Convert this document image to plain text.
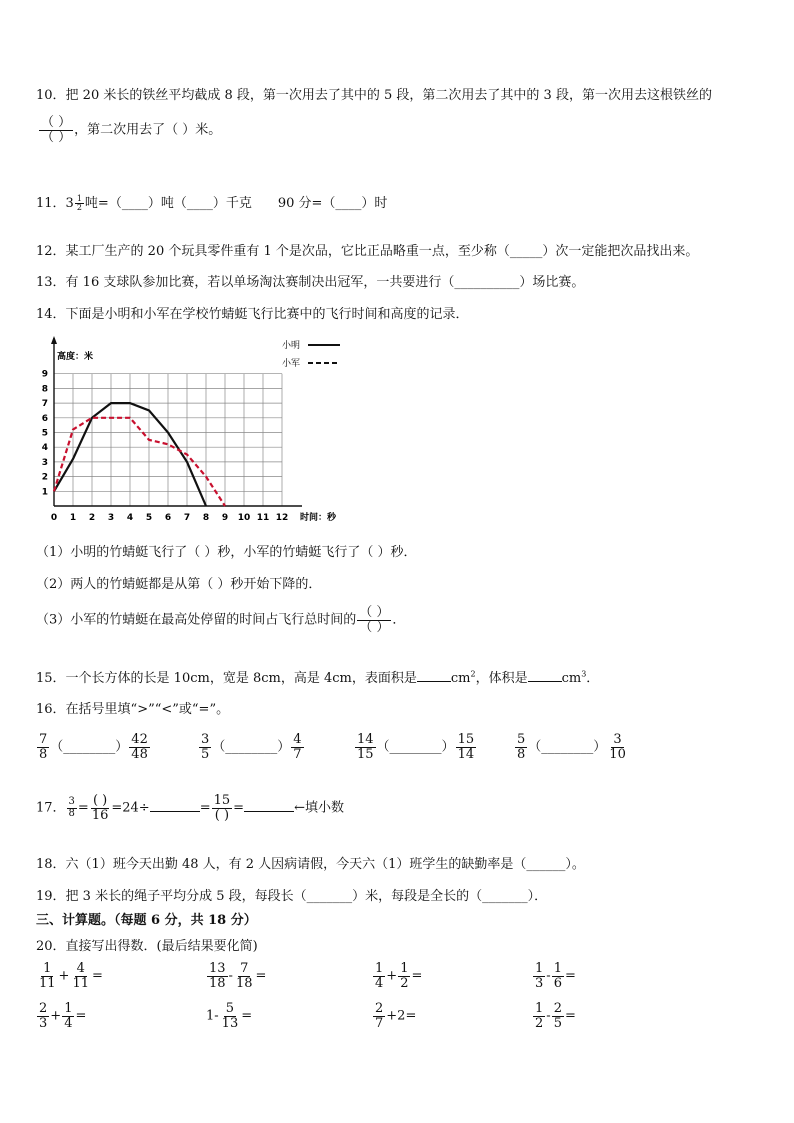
10．把 20 米长的铁丝平均截成 8 段，第一次用去了其中的 5 段，第二次用去了其中的 3 段，第一次用去这根铁丝的
$\frac{( )}{( )}$ ，第二次用去了（ ）米。
11．$3 \frac{1}{2}$ 吨=（____）吨（____）千克 90 分=（____）时
12．某工厂生产的 20 个玩具零件重有 1 个是次品，它比正品略重一点，至少称（_____）次一定能把次品找出来。
13．有 16 支球队参加比赛，若以单场淘汰赛制决出冠军，一共要进行（__________）场比赛。
14．下面是小明和小军在学校竹蜻蜓飞行比赛中的飞行时间和高度的记录．
0 1 2 3 4 5 6 7 8 9 10 11 12
1
2
3
4
5
6
7
8
9
小明
小军
高度：米
时间：秒
（1）小明的竹蜻蜓飞行了（ ）秒，小军的竹蜻蜓飞行了（ ）秒．
（2）两人的竹蜻蜓都是从第（ ）秒开始下降的．
（3）小军的竹蜻蜓在最高处停留的时间占飞行总时间的 $\frac{( )}{( )}$ ．
15．一个长方体的长是 10cm，宽是 8cm，高是 4cm，表面积是	$cm^2$，体积是	$cm^3$．
16．在括号里填“>”“<”或“=”。
$\frac{7}{8}$ （________） $\frac{42}{48}$	$\frac{3}{5}$ （________） $\frac{4}{7}$	$\frac{14}{15}$ （________） $\frac{15}{14}$	$\frac{5}{8}$ （________） $\frac{3}{10}$
17． $\frac{3}{8} = \frac{( )}{16} =24\div$	= $\frac{15}{( )}$ =	←填小数
18．六（1）班今天出勤 48 人，有 2 人因病请假，今天六（1）班学生的缺勤率是（______）。
19．把 3 米长的绳子平均分成 5 段，每段长（_______）米，每段是全长的（_______）．
三、计算题。（每题 6 分，共 18 分）
20．直接写出得数．(最后结果要化简)
$\frac{1}{11} + \frac{4}{11}$ =	$\frac{13}{18} - \frac{7}{18}$ =	$\frac{1}{4} + \frac{1}{2}$ =	$\frac{1}{3} - \frac{1}{6}$ =
$\frac{2}{3} + \frac{1}{4}$ =	$1- \frac{5}{13}$ =	$\frac{2}{7} +2=$	$\frac{1}{2} - \frac{2}{5}$ =
